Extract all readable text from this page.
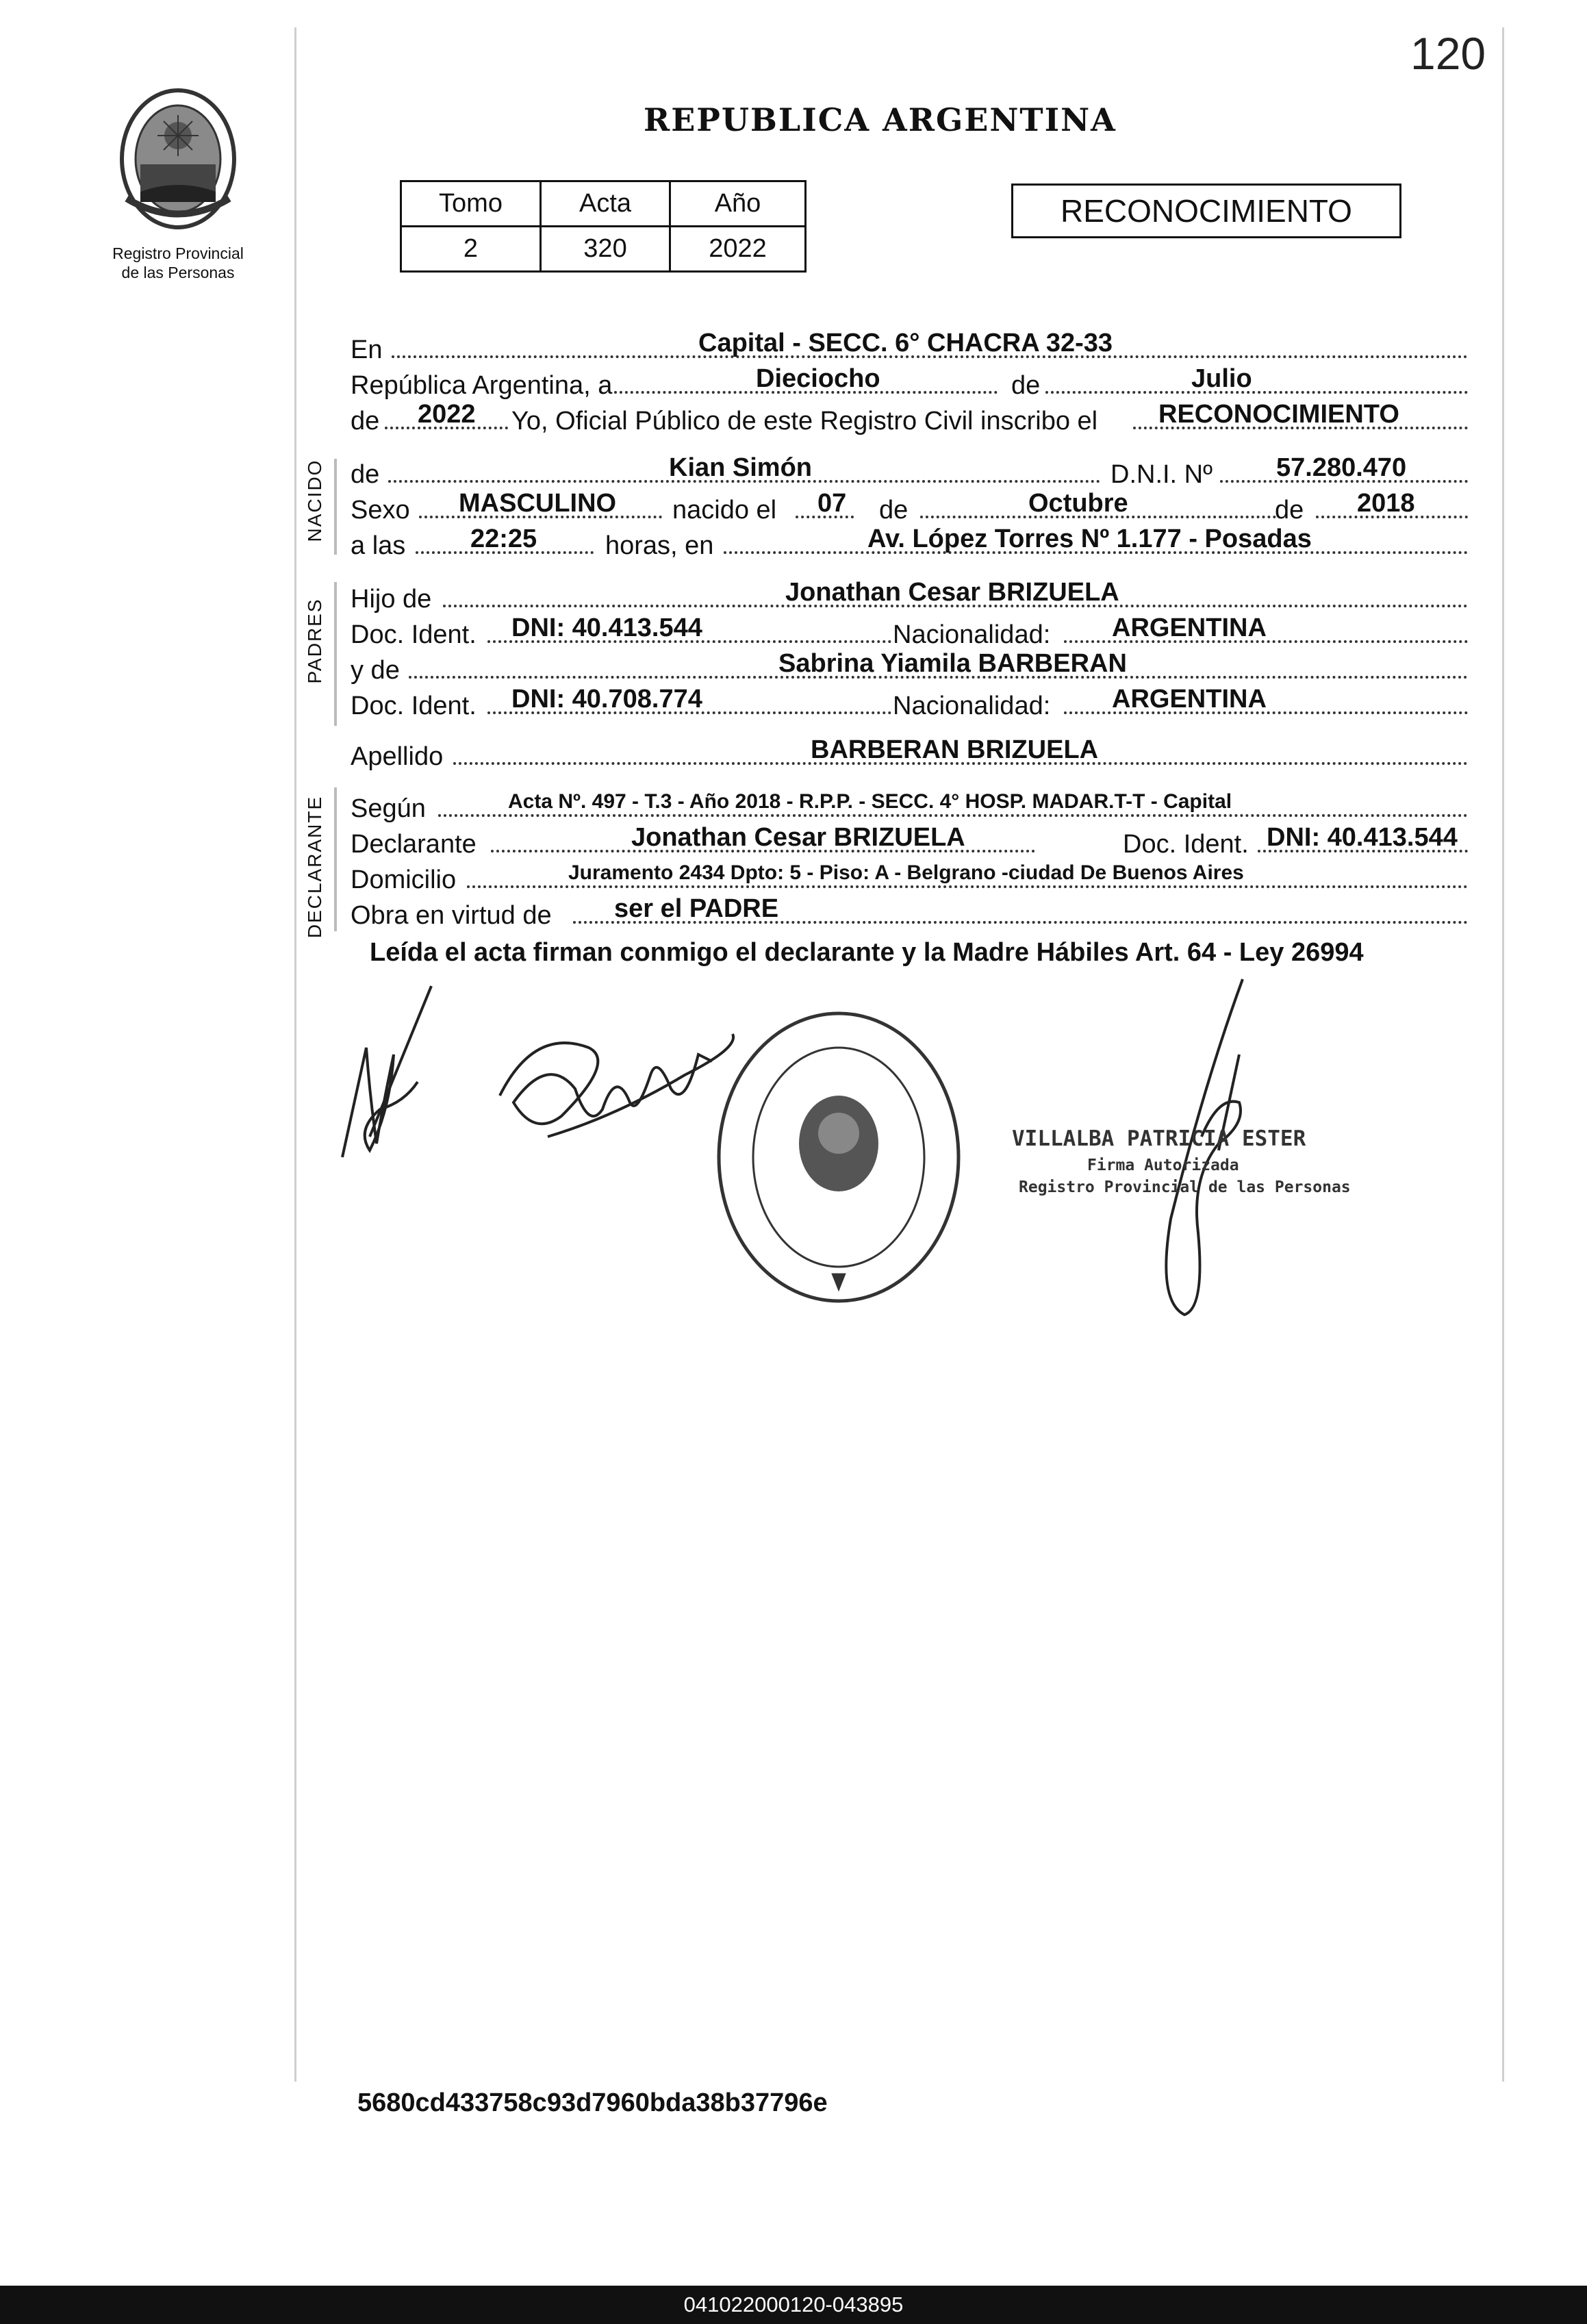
120
REPUBLICA ARGENTINA
Registro Provincial
de las Personas
Tomo	Acta	Año
2	320	2022
RECONOCIMIENTO
NACIDO
PADRES
DECLARANTE
En	Capital - SECC. 6° CHACRA 32-33
República Argentina, a	Dieciocho	de	Julio
de 2022 Yo, Oficial Público de este Registro Civil inscribo el RECONOCIMIENTO
de	Kian Simón	D.N.I. Nº 57.280.470
Sexo MASCULINO nacido el 07 de	Octubre	de 2018
a las 22:25	horas, en	Av. López Torres Nº 1.177 - Posadas
Hijo de	Jonathan Cesar BRIZUELA
Doc. Ident. DNI: 40.413.544	Nacionalidad: ARGENTINA
y de	Sabrina Yiamila BARBERAN
Doc. Ident. DNI: 40.708.774	Nacionalidad: ARGENTINA
Apellido	BARBERAN BRIZUELA
Según	Acta Nº. 497 - T.3 - Año 2018 - R.P.P. - SECC. 4° HOSP. MADAR.T-T - Capital
Declarante	Jonathan Cesar BRIZUELA	Doc. Ident. DNI: 40.413.544
Domicilio	Juramento 2434 Dpto: 5 - Piso: A - Belgrano -ciudad De Buenos Aires
Obra en virtud de ser el PADRE
Leída el acta firman conmigo el declarante y la Madre Hábiles Art. 64 - Ley 26994
VILLALBA PATRICIA ESTER
Firma Autorizada
Registro Provincial de las Personas
5680cd433758c93d7960bda38b37796e
041022000120-043895
